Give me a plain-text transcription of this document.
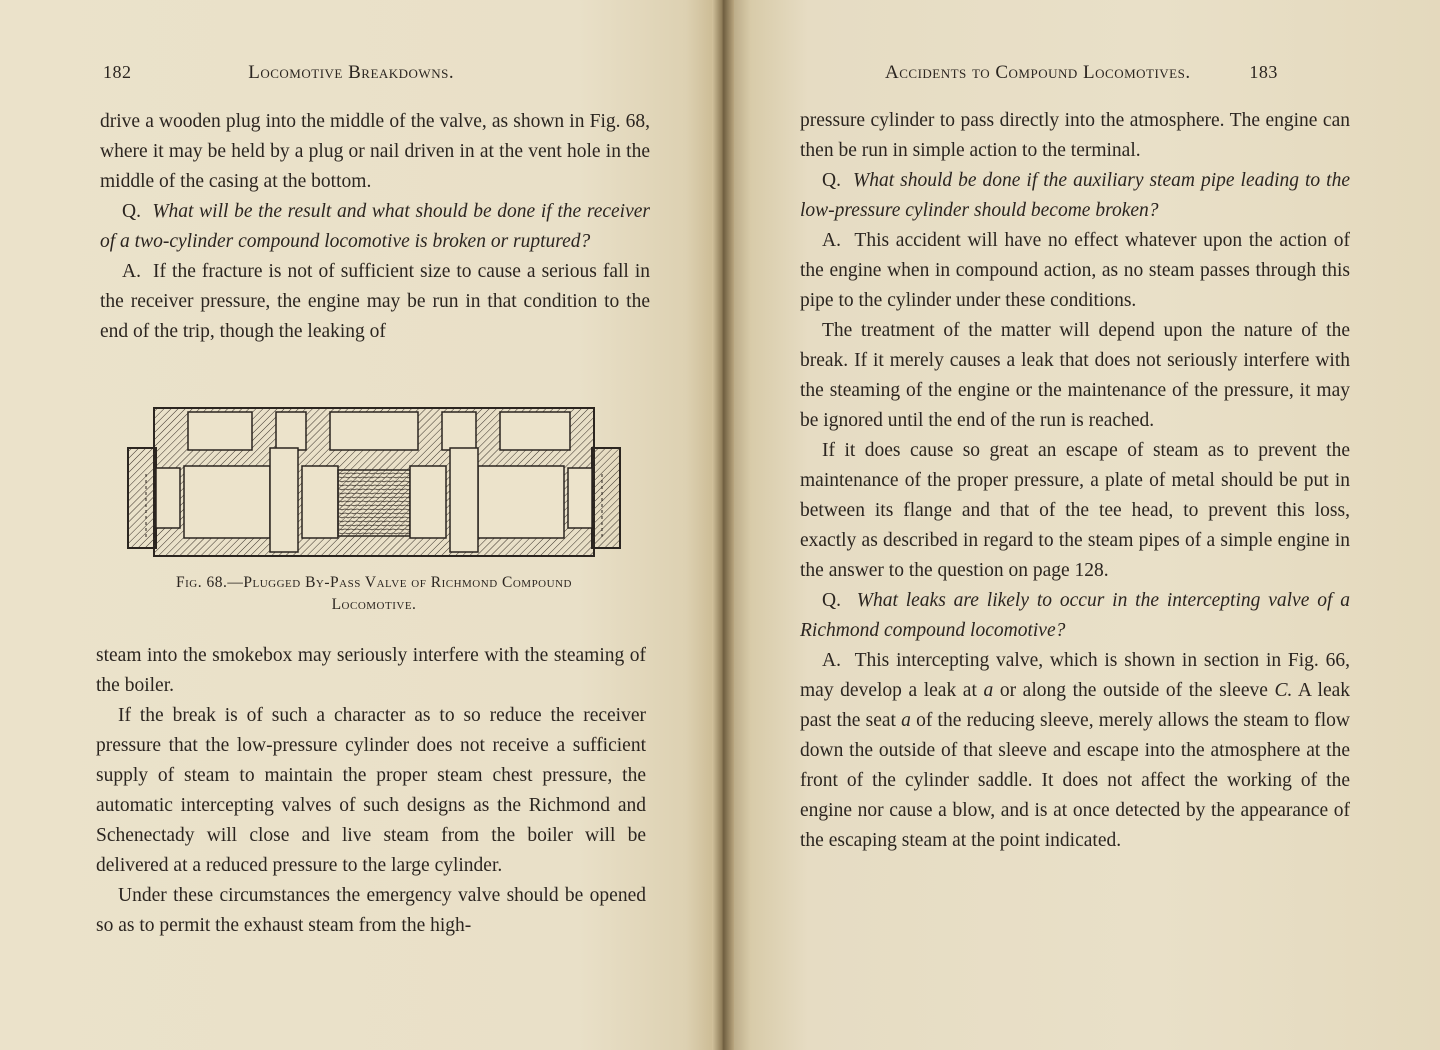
182	Locomotive Breakdowns.

drive a wooden plug into the middle of the valve, as shown in Fig. 68, where it may be held by a plug or nail driven in at the vent hole in the middle of the casing at the bottom.

Q. What will be the result and what should be done if the receiver of a two-cylinder compound locomotive is broken or ruptured?

A. If the fracture is not of sufficient size to cause a serious fall in the receiver pressure, the engine may be run in that condition to the end of the trip, though the leaking of

Fig. 68.—Plugged By-Pass Valve of Richmond Compound
Locomotive.

steam into the smokebox may seriously interfere with the steaming of the boiler.

If the break is of such a character as to so reduce the receiver pressure that the low-pressure cylinder does not receive a sufficient supply of steam to maintain the proper steam chest pressure, the automatic intercepting valves of such designs as the Richmond and Schenectady will close and live steam from the boiler will be delivered at a reduced pressure to the large cylinder.

Under these circumstances the emergency valve should be opened so as to permit the exhaust steam from the high-

Accidents to Compound Locomotives.	183

pressure cylinder to pass directly into the atmosphere. The engine can then be run in simple action to the terminal.

Q. What should be done if the auxiliary steam pipe leading to the low-pressure cylinder should become broken?

A. This accident will have no effect whatever upon the action of the engine when in compound action, as no steam passes through this pipe to the cylinder under these conditions.

The treatment of the matter will depend upon the nature of the break. If it merely causes a leak that does not seriously interfere with the steaming of the engine or the maintenance of the pressure, it may be ignored until the end of the run is reached.

If it does cause so great an escape of steam as to prevent the maintenance of the proper pressure, a plate of metal should be put in between its flange and that of the tee head, to prevent this loss, exactly as described in regard to the steam pipes of a simple engine in the answer to the question on page 128.

Q. What leaks are likely to occur in the intercepting valve of a Richmond compound locomotive?

A. This intercepting valve, which is shown in section in Fig. 66, may develop a leak at a or along the outside of the sleeve C. A leak past the seat a of the reducing sleeve, merely allows the steam to flow down the outside of that sleeve and escape into the atmosphere at the front of the cylinder saddle. It does not affect the working of the engine nor cause a blow, and is at once detected by the appearance of the escaping steam at the point indicated.
